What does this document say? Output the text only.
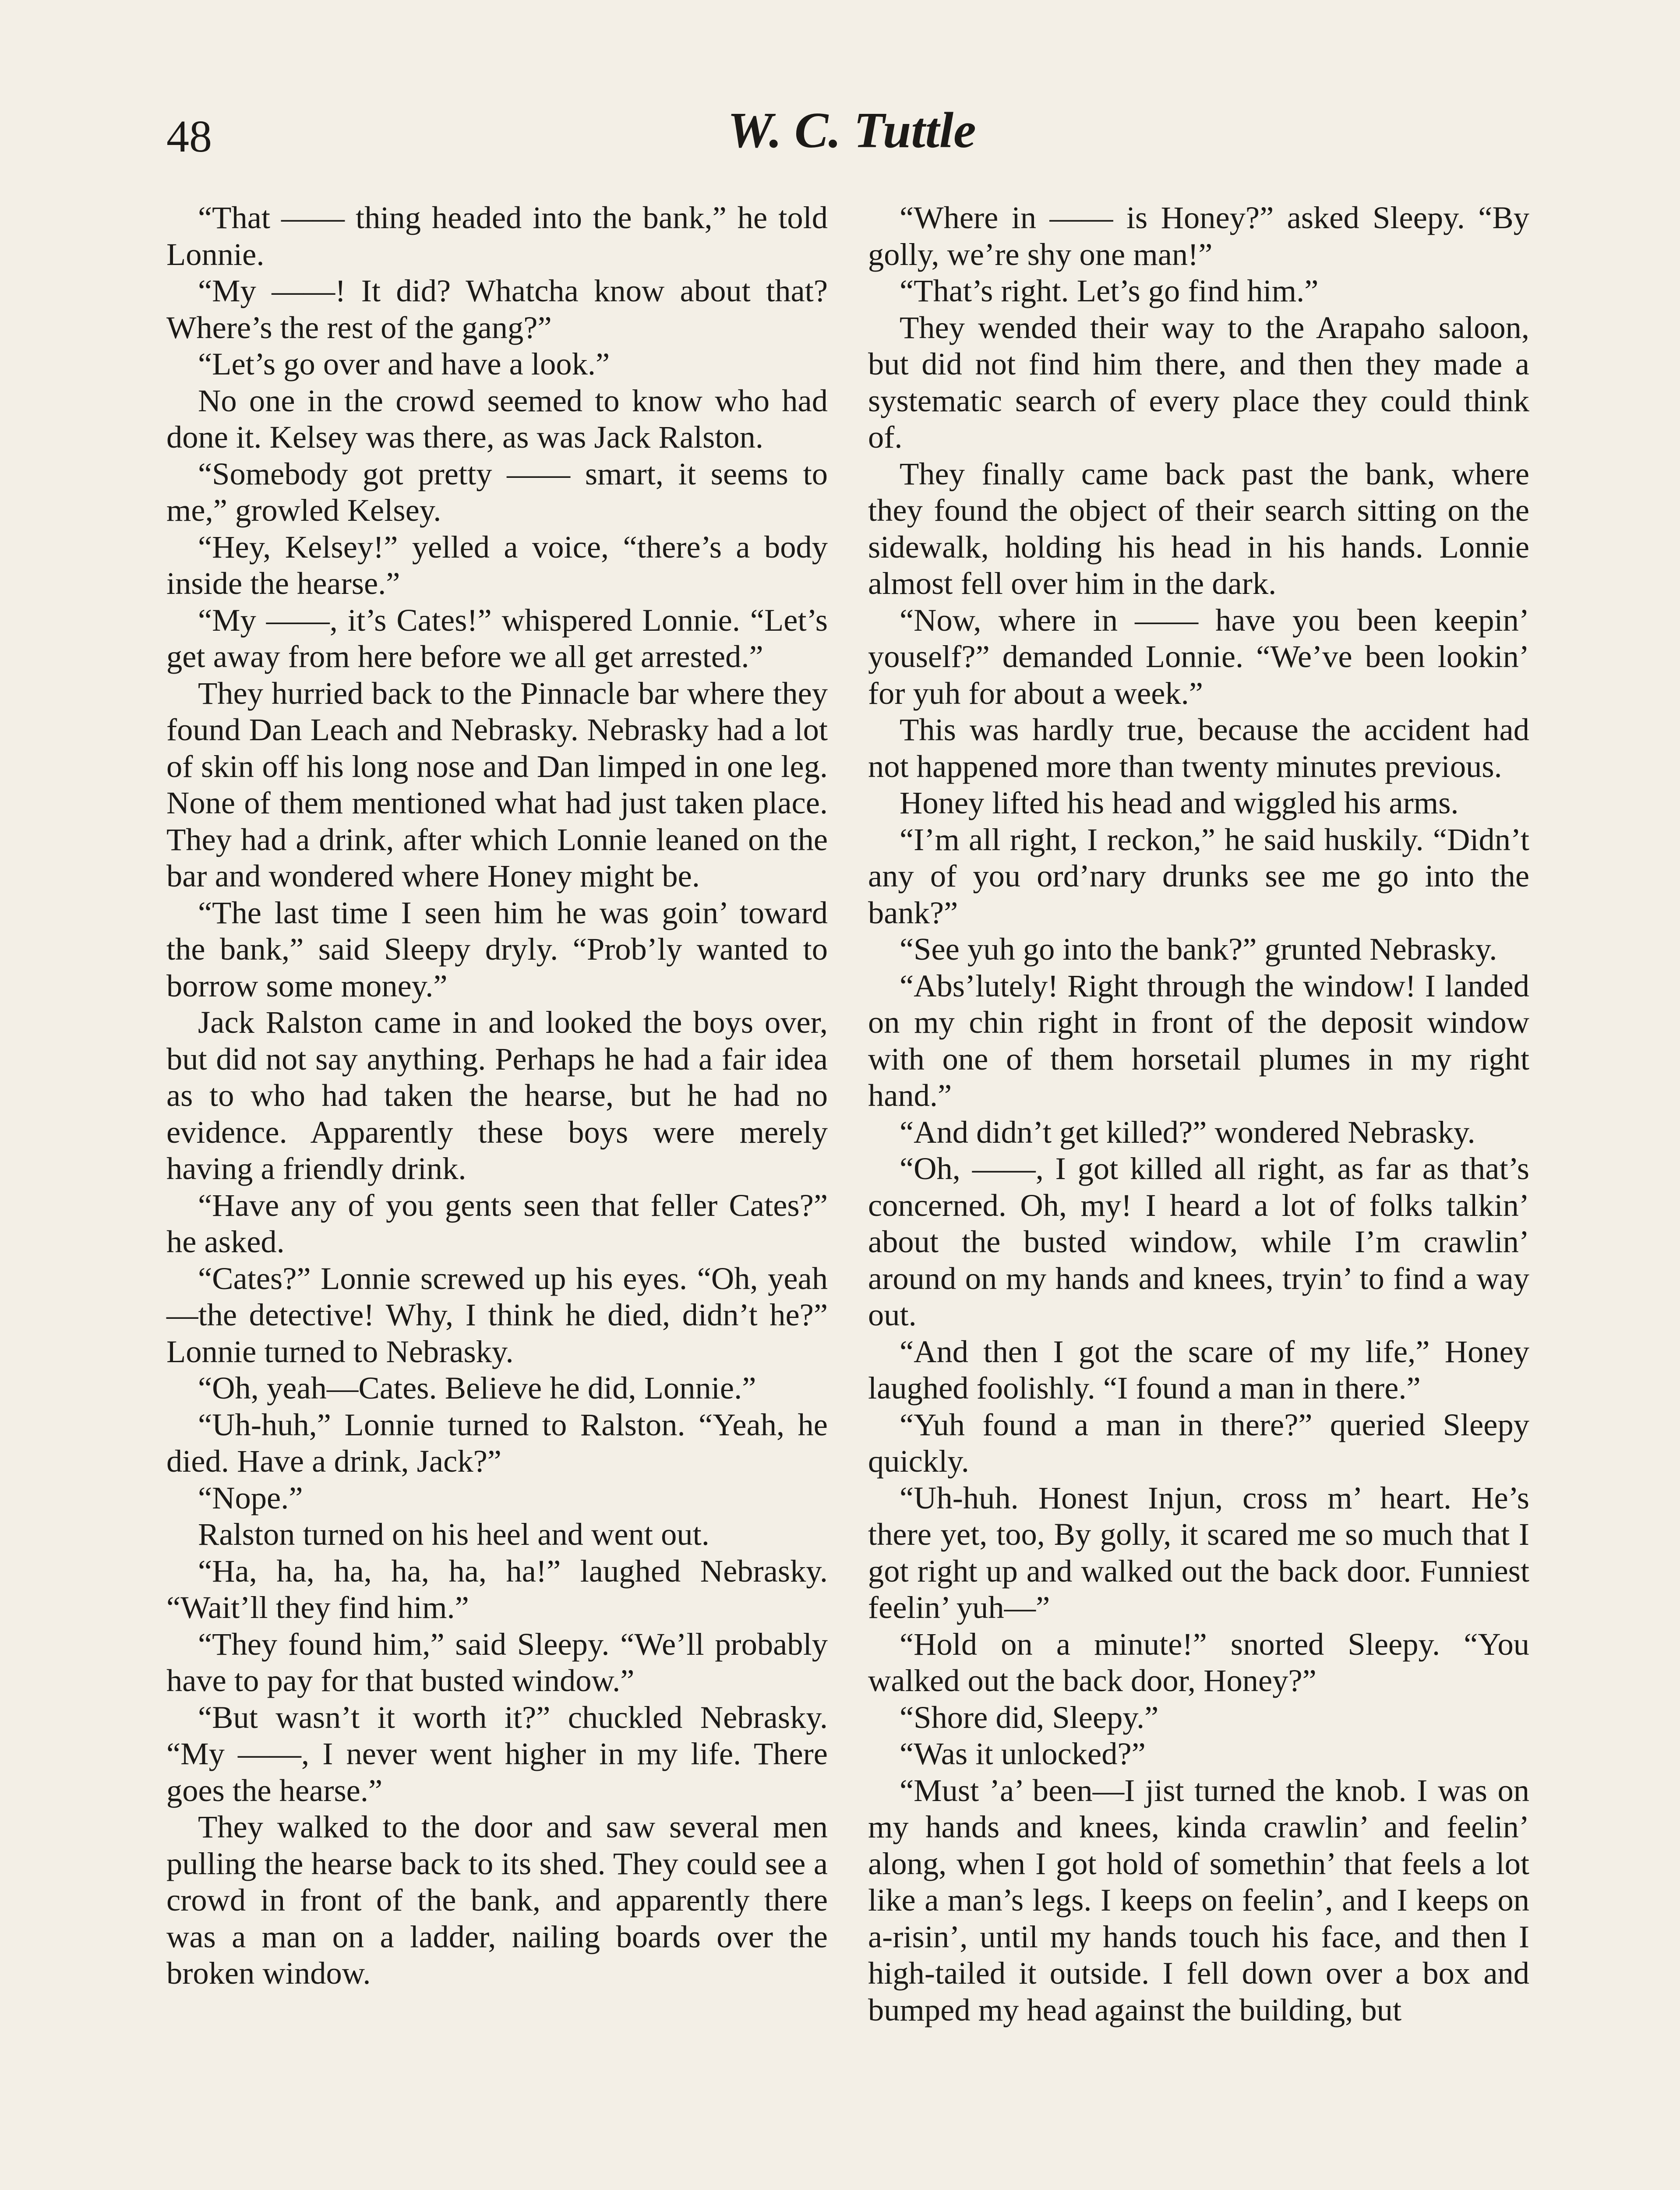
48	W. C. Tuttle

“That —— thing headed into the bank,” he told Lonnie.

“My ——! It did? Whatcha know about that? Where’s the rest of the gang?”

“Let’s go over and have a look.”

No one in the crowd seemed to know who had done it. Kelsey was there, as was Jack Ralston.

“Somebody got pretty —— smart, it seems to me,” growled Kelsey.

“Hey, Kelsey!” yelled a voice, “there’s a body inside the hearse.”

“My ——, it’s Cates!” whispered Lonnie. “Let’s get away from here before we all get arrested.”

They hurried back to the Pinnacle bar where they found Dan Leach and Nebrasky. Nebrasky had a lot of skin off his long nose and Dan limped in one leg. None of them mentioned what had just taken place. They had a drink, after which Lonnie leaned on the bar and wondered where Honey might be.

“The last time I seen him he was goin’ toward the bank,” said Sleepy dryly. “Prob’ly wanted to borrow some money.”

Jack Ralston came in and looked the boys over, but did not say anything. Perhaps he had a fair idea as to who had taken the hearse, but he had no evidence. Apparently these boys were merely having a friendly drink.

“Have any of you gents seen that feller Cates?” he asked.

“Cates?” Lonnie screwed up his eyes. “Oh, yeah—the detective! Why, I think he died, didn’t he?” Lonnie turned to Nebrasky.

“Oh, yeah—Cates. Believe he did, Lonnie.”

“Uh-huh,” Lonnie turned to Ralston. “Yeah, he died. Have a drink, Jack?”

“Nope.”

Ralston turned on his heel and went out.

“Ha, ha, ha, ha, ha, ha!” laughed Nebrasky. “Wait’ll they find him.”

“They found him,” said Sleepy. “We’ll probably have to pay for that busted window.”

“But wasn’t it worth it?” chuckled Nebrasky. “My ——, I never went higher in my life. There goes the hearse.”

They walked to the door and saw several men pulling the hearse back to its shed. They could see a crowd in front of the bank, and apparently there was a man on a ladder, nailing boards over the broken window.

“Where in —— is Honey?” asked Sleepy. “By golly, we’re shy one man!”

“That’s right. Let’s go find him.”

They wended their way to the Arapaho saloon, but did not find him there, and then they made a systematic search of every place they could think of.

They finally came back past the bank, where they found the object of their search sitting on the sidewalk, holding his head in his hands. Lonnie almost fell over him in the dark.

“Now, where in —— have you been keepin’ youself?” demanded Lonnie. “We’ve been lookin’ for yuh for about a week.”

This was hardly true, because the accident had not happened more than twenty minutes previous.

Honey lifted his head and wiggled his arms.

“I’m all right, I reckon,” he said huskily. “Didn’t any of you ord’nary drunks see me go into the bank?”

“See yuh go into the bank?” grunted Nebrasky.

“Abs’lutely! Right through the window! I landed on my chin right in front of the deposit window with one of them horsetail plumes in my right hand.”

“And didn’t get killed?” wondered Nebrasky.

“Oh, ——, I got killed all right, as far as that’s concerned. Oh, my! I heard a lot of folks talkin’ about the busted window, while I’m crawlin’ around on my hands and knees, tryin’ to find a way out.

“And then I got the scare of my life,” Honey laughed foolishly. “I found a man in there.”

“Yuh found a man in there?” queried Sleepy quickly.

“Uh-huh. Honest Injun, cross m’ heart. He’s there yet, too, By golly, it scared me so much that I got right up and walked out the back door. Funniest feelin’ yuh—”

“Hold on a minute!” snorted Sleepy. “You walked out the back door, Honey?”

“Shore did, Sleepy.”

“Was it unlocked?”

“Must ’a’ been—I jist turned the knob. I was on my hands and knees, kinda crawlin’ and feelin’ along, when I got hold of somethin’ that feels a lot like a man’s legs. I keeps on feelin’, and I keeps on a-risin’, until my hands touch his face, and then I high-tailed it outside. I fell down over a box and bumped my head against the building, but
